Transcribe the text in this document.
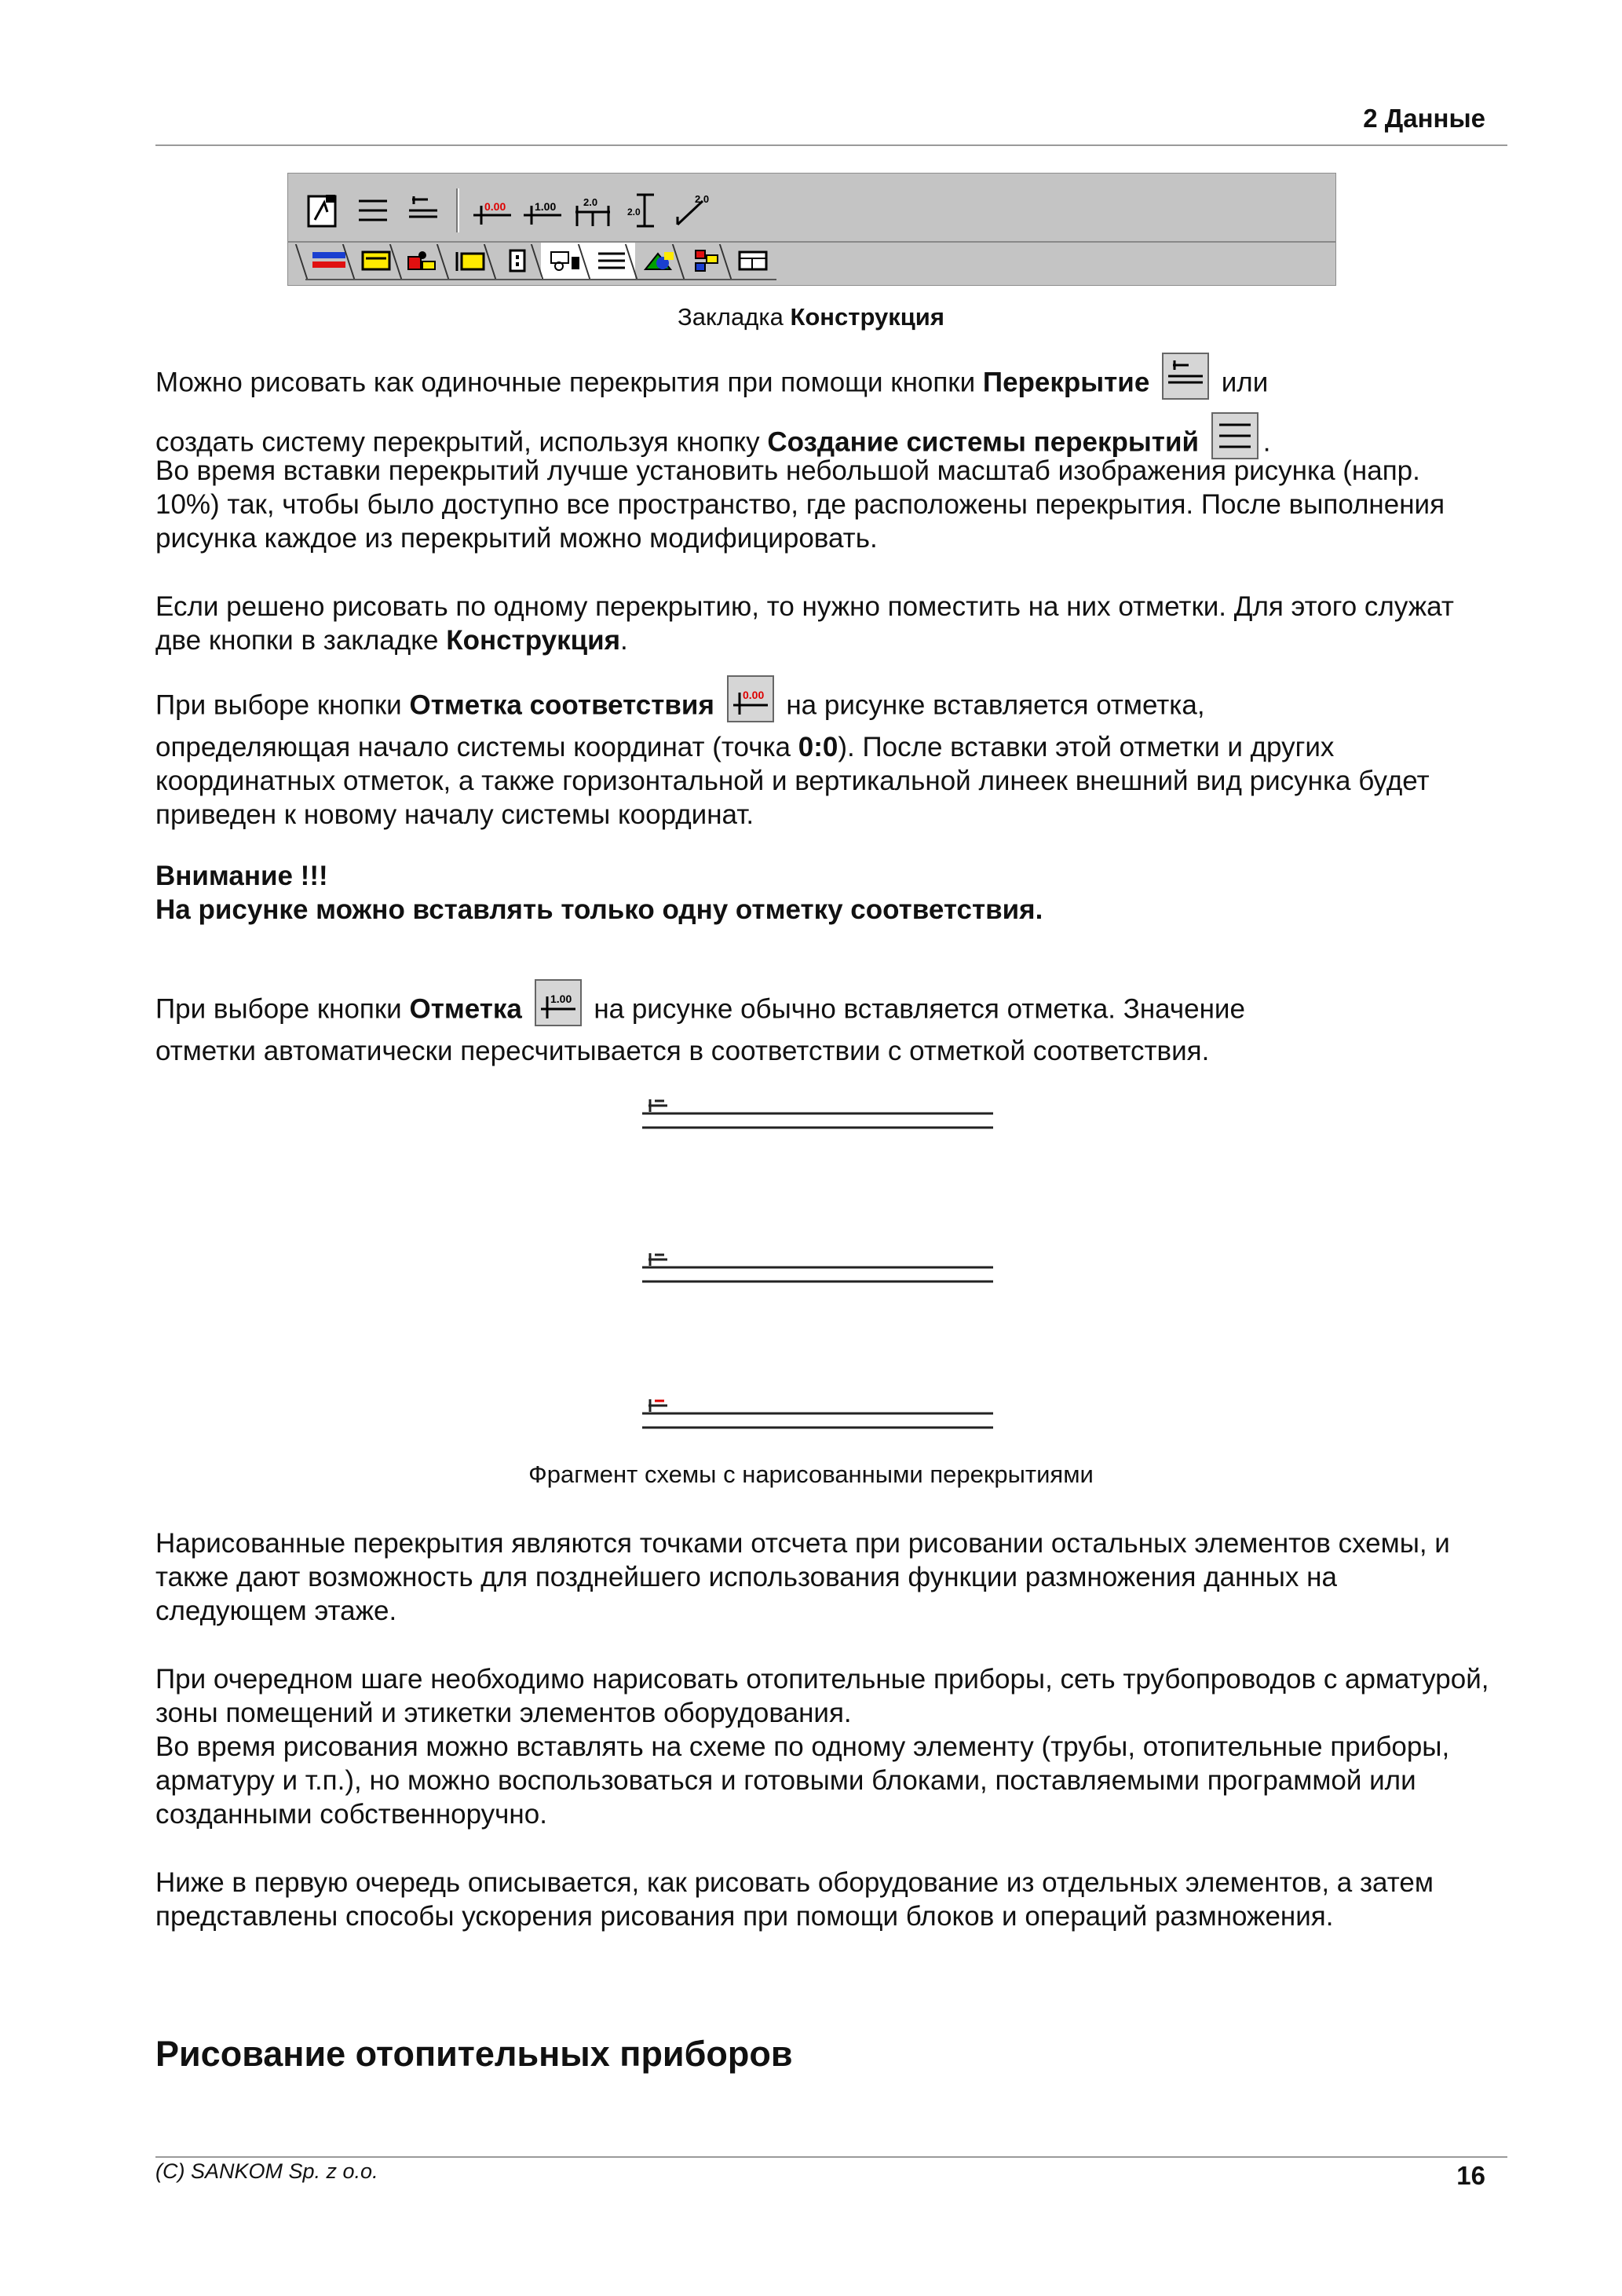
2 Данные
0.00	1.00	2.0
2.0
2.0
Закладка Конструкция
Можно рисовать как одиночные перекрытия при помощи кнопки Перекрытие
или
создать систему перекрытий, используя кнопку Создание системы перекрытий .
Во время вставки перекрытий лучше установить небольшой масштаб изображения рисунка (напр. 10%) так, чтобы было доступно все пространство, где расположены перекрытия. После выполнения рисунка каждое из перекрытий можно модифицировать.
Если решено рисовать по одному перекрытию, то нужно поместить на них отметки. Для этого служат две кнопки в закладке Конструкция.
При выборе кнопки Отметка соответствия	0.00 на рисунке вставляется отметка,
определяющая начало системы координат (точка 0:0). После вставки этой отметки и других координатных отметок, а также горизонтальной и вертикальной линеек внешний вид рисунка будет приведен к новому началу системы координат.
Внимание !!!
На рисунке можно вставлять только одну отметку соответствия.
При выборе кнопки Отметка	1.00 на рисунке обычно вставляется отметка. Значение
отметки автоматически пересчитывается в соответствии с отметкой соответствия.
Фрагмент схемы с нарисованными перекрытиями
Нарисованные перекрытия являются точками отсчета при рисовании остальных элементов схемы, и также дают возможность для позднейшего использования функции размножения данных на следующем этаже.
При очередном шаге необходимо нарисовать отопительные приборы, сеть трубопроводов с арматурой, зоны помещений и этикетки элементов оборудования.
Во время рисования можно вставлять на схеме по одному элементу (трубы, отопительные приборы, арматуру и т.п.), но можно воспользоваться и готовыми блоками, поставляемыми программой или созданными собственноручно.
Ниже в первую очередь описывается, как рисовать оборудование из отдельных элементов, а затем представлены способы ускорения рисования при помощи блоков и операций размножения.
Рисование отопительных приборов
(C) SANKOM Sp. z o.o.	16
